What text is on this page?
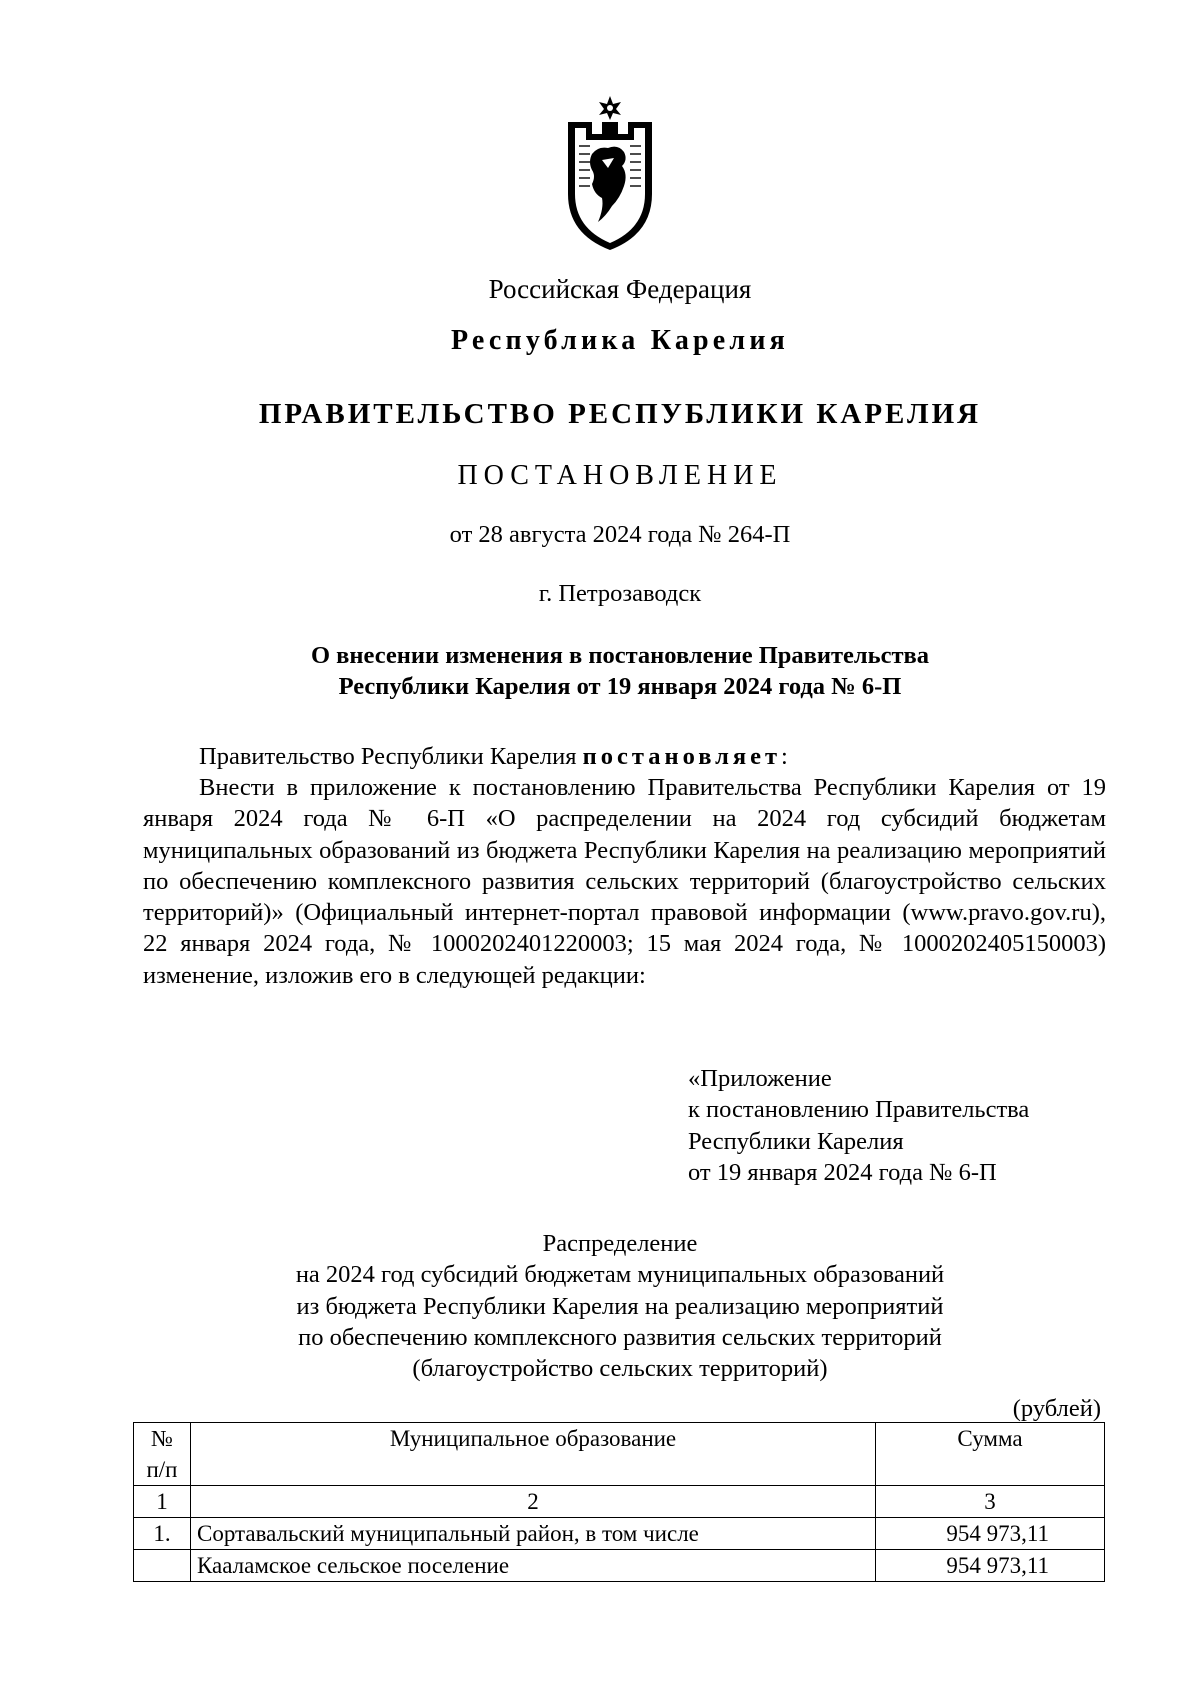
Российская Федерация
Республика Карелия
ПРАВИТЕЛЬСТВО РЕСПУБЛИКИ КАРЕЛИЯ
ПОСТАНОВЛЕНИЕ
от 28 августа 2024 года № 264-П
г. Петрозаводск
О внесении изменения в постановление Правительства
Республики Карелия от 19 января 2024 года № 6-П
Правительство Республики Карелия постановляет:
Внести в приложение к постановлению Правительства Республики Карелия от 19 января 2024 года № 6-П «О распределении на 2024 год субсидий бюджетам муниципальных образований из бюджета Республики Карелия на реализацию мероприятий по обеспечению комплексного развития сельских территорий (благоустройство сельских территорий)» (Официальный интернет-портал правовой информации (www.pravo.gov.ru), 22 января 2024 года, № 1000202401220003; 15 мая 2024 года, № 1000202405150003) изменение, изложив его в следующей редакции:
«Приложение
к постановлению Правительства
Республики Карелия
от 19 января 2024 года № 6-П
Распределение
на 2024 год субсидий бюджетам муниципальных образований
из бюджета Республики Карелия на реализацию мероприятий
по обеспечению комплексного развития сельских территорий
(благоустройство сельских территорий)
(рублей)
№
п/п	Муниципальное образование	Сумма
1	2	3
1.	Сортавальский муниципальный район, в том числе	954 973,11
	Кааламское сельское поселение	954 973,11
